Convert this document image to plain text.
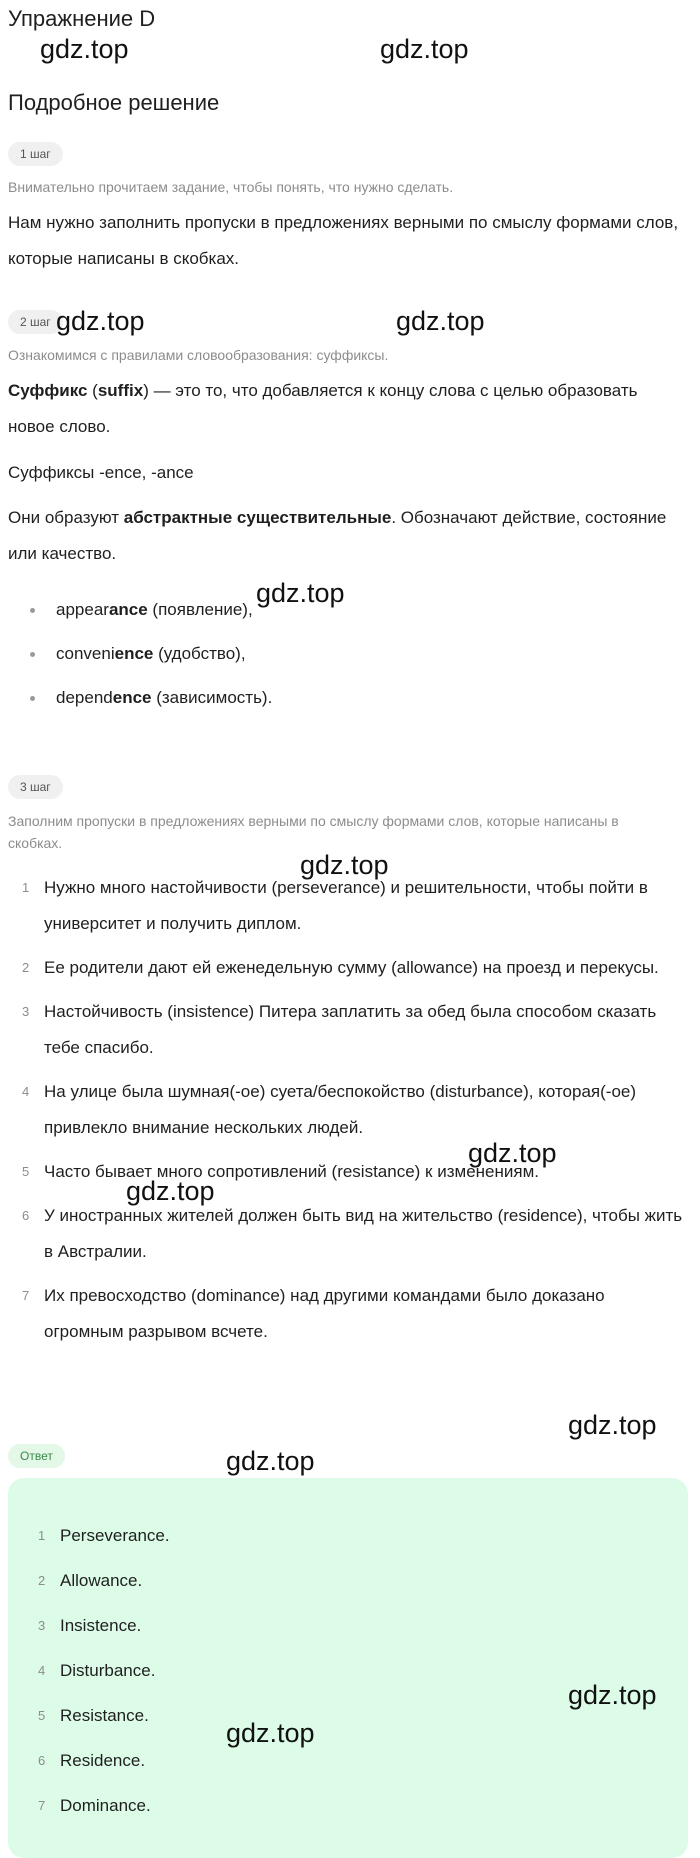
Упражнение D
Подробное решение
1 шаг
Внимательно прочитаем задание, чтобы понять, что нужно сделать.
Нам нужно заполнить пропуски в предложениях верными по смыслу формами слов, которые написаны в скобках.
2 шаг
Ознакомимся с правилами словообразования: суффиксы.
Суффикс (suffix) — это то, что добавляется к концу слова с целью образовать новое слово.
Суффиксы -ence, -ance
Они образуют абстрактные существительные. Обозначают действие, состояние или качество.
appearance (появление),
convenience (удобство),
dependence (зависимость).
3 шаг
Заполним пропуски в предложениях верными по смыслу формами слов, которые написаны в скобках.
1 Нужно много настойчивости (perseverance) и решительности, чтобы пойти в университет и получить диплом.
2 Ее родители дают ей еженедельную сумму (allowance) на проезд и перекусы.
3 Настойчивость (insistence) Питера заплатить за обед была способом сказать тебе спасибо.
4 На улице была шумная(-ое) суета/беспокойство (disturbance), которая(-ое) привлекло внимание нескольких людей.
5 Часто бывает много сопротивлений (resistance) к изменениям.
6 У иностранных жителей должен быть вид на жительство (residence), чтобы жить в Австралии.
7 Их превосходство (dominance) над другими командами было доказано огромным разрывом всчете.
Ответ
1 Perseverance.
2 Allowance.
3 Insistence.
4 Disturbance.
5 Resistance.
6 Residence.
7 Dominance.
gdz.top	gdz.top
gdz.top	gdz.top
gdz.top
gdz.top
gdz.top
gdz.top
gdz.top
gdz.top
gdz.top
gdz.top
